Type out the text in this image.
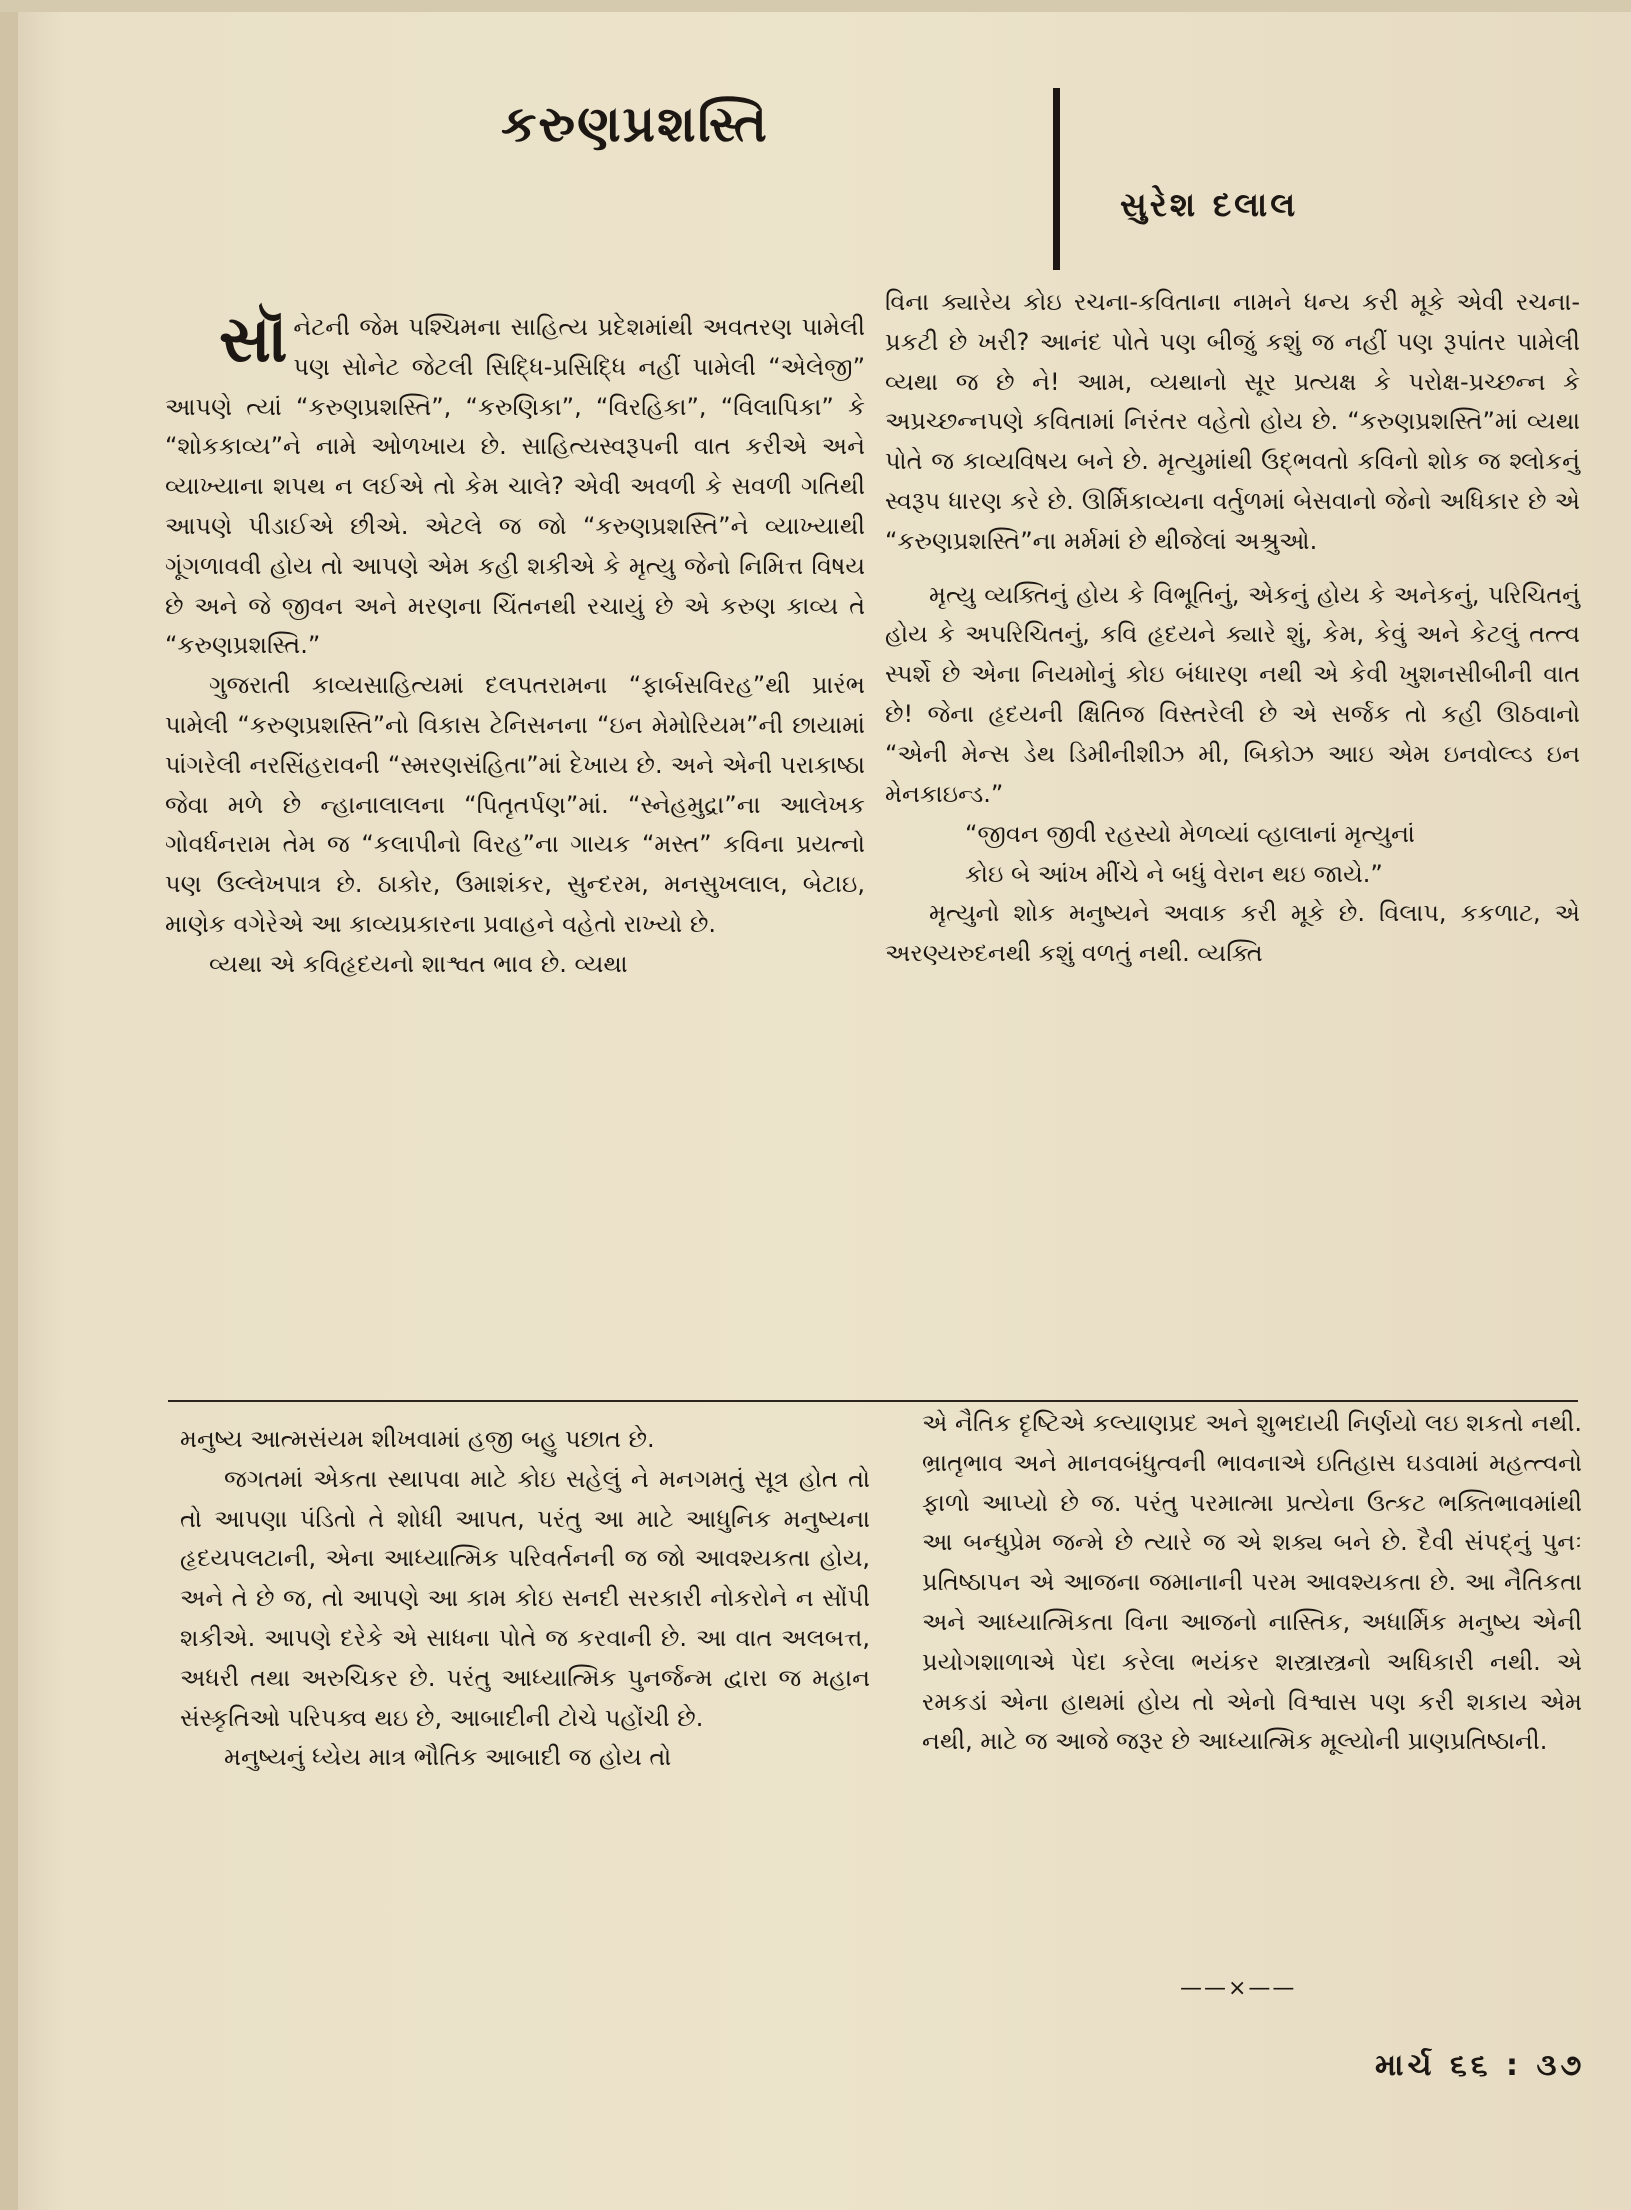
કરુણપ્રશસ્તિ
સુરેશ દલાલ
સૉ નેટની જેમ પશ્ચિમના સાહિત્ય પ્રદેશમાંથી અવતરણ પામેલી પણ સોનેટ જેટલી સિદ્ધિ-પ્રસિદ્ધિ નહીં પામેલી “એલેજી” આપણે ત્યાં “કરુણપ્રશસ્તિ”, “કરુણિકા”, “વિરહિકા”, “વિલાપિકા” કે “શોકકાવ્ય”ને નામે ઓળખાય છે. સાહિત્યસ્વરૂપની વાત કરીએ અને વ્યાખ્યાના શપથ ન લઈએ તો કેમ ચાલે? એવી અવળી કે સવળી ગતિથી આપણે પીડાઈએ છીએ. એટલે જ જો “કરુણપ્રશસ્તિ”ને વ્યાખ્યાથી ગૂંગળાવવી હોય તો આપણે એમ કહી શકીએ કે મૃત્યુ જેનો નિમિત્ત વિષય છે અને જે જીવન અને મરણના ચિંતનથી રચાયું છે એ કરુણ કાવ્ય તે “કરુણપ્રશસ્તિ.”

ગુજરાતી કાવ્યસાહિત્યમાં દલપતરામના “ફાર્બસવિરહ”થી પ્રારંભ પામેલી “કરુણપ્રશસ્તિ”નો વિકાસ ટેનિસનના “ઇન મેમોરિયમ”ની છાયામાં પાંગરેલી નરસિંહરાવની “સ્મરણસંહિતા”માં દેખાય છે. અને એની પરાકાષ્ઠા જેવા મળે છે ન્હાનાલાલના “પિતૃતર્પણ”માં. “સ્નેહમુદ્રા”ના આલેખક ગોવર્ધનરામ તેમ જ “કલાપીનો વિરહ”ના ગાયક “મસ્ત” કવિના પ્રયત્નો પણ ઉલ્લેખપાત્ર છે. ઠાકોર, ઉમાશંકર, સુન્દરમ, મનસુખલાલ, બેટાઇ, માણેક વગેરેએ આ કાવ્યપ્રકારના પ્રવાહને વહેતો રાખ્યો છે.

વ્યથા એ કવિહૃદયનો શાશ્વત ભાવ છે. વ્યથા

વિના ક્યારેય કોઇ રચના-કવિતાના નામને ધન્ય કરી મૂકે એવી રચના-પ્રકટી છે ખરી? આનંદ પોતે પણ બીજું કશું જ નહીં પણ રૂપાંતર પામેલી વ્યથા જ છે ને! આમ, વ્યથાનો સૂર પ્રત્યક્ષ કે પરોક્ષ-પ્રચ્છન્ન કે અપ્રચ્છન્નપણે કવિતામાં નિરંતર વહેતો હોય છે. “કરુણપ્રશસ્તિ”માં વ્યથા પોતે જ કાવ્યવિષય બને છે. મૃત્યુમાંથી ઉદ્ભવતો કવિનો શોક જ શ્લોકનું સ્વરૂપ ધારણ કરે છે. ઊર્મિકાવ્યના વર્તુળમાં બેસવાનો જેનો અધિકાર છે એ “કરુણપ્રશસ્તિ”ના મર્મમાં છે થીજેલાં અશ્રુઓ.

મૃત્યુ વ્યક્તિનું હોય કે વિભૂતિનું, એકનું હોય કે અનેકનું, પરિચિતનું હોય કે અપરિચિતનું, કવિ હૃદયને ક્યારે શું, કેમ, કેવું અને કેટલું તત્ત્વ સ્પર્શે છે એના નિયમોનું કોઇ બંધારણ નથી એ કેવી ખુશનસીબીની વાત છે! જેના હૃદયની ક્ષિતિજ વિસ્તરેલી છે એ સર્જક તો કહી ઊઠવાનો “એની મેન્સ ડેથ ડિમીનીશીઝ મી, બિકોઝ આઇ એમ ઇનવોલ્વ્ડ ઇન મેનકાઇન્ડ.”

“જીવન જીવી રહસ્યો મેળવ્યાં વ્હાલાનાં મૃત્યુનાં

કોઇ બે આંખ મીંચે ને બધું વેરાન થઇ જાયે.”

મૃત્યુનો શોક મનુષ્યને અવાક કરી મૂકે છે. વિલાપ, કકળાટ, એ અરણ્યરુદનથી કશું વળતું નથી. વ્યક્તિ

મનુષ્ય આત્મસંયમ શીખવામાં હજી બહુ પછાત છે.

જગતમાં એકતા સ્થાપવા માટે કોઇ સહેલું ને મનગમતું સૂત્ર હોત તો તો આપણા પંડિતો તે શોધી આપત, પરંતુ આ માટે આધુનિક મનુષ્યના હૃદયપલટાની, એના આધ્યાત્મિક પરિવર્તનની જ જો આવશ્યકતા હોય, અને તે છે જ, તો આપણે આ કામ કોઇ સનદી સરકારી નોકરોને ન સોંપી શકીએ. આપણે દરેકે એ સાધના પોતે જ કરવાની છે. આ વાત અલબત્ત, અધરી તથા અરુચિકર છે. પરંતુ આધ્યાત્મિક પુનર્જન્મ દ્વારા જ મહાન સંસ્કૃતિઓ પરિપક્વ થઇ છે, આબાદીની ટોચે પહોંચી છે.

મનુષ્યનું ધ્યેય માત્ર ભૌતિક આબાદી જ હોય તો

એ નૈતિક દૃષ્ટિએ કલ્યાણપ્રદ અને શુભદાયી નિર્ણયો લઇ શકતો નથી. ભ્રાતૃભાવ અને માનવબંધુત્વની ભાવનાએ ઇતિહાસ ઘડવામાં મહત્ત્વનો ફાળો આપ્યો છે જ. પરંતુ પરમાત્મા પ્રત્યેના ઉત્કટ ભક્તિભાવમાંથી આ બન્ધુપ્રેમ જન્મે છે ત્યારે જ એ શક્ય બને છે. દૈવી સંપદ્નું પુનઃ પ્રતિષ્ઠાપન એ આજના જમાનાની પરમ આવશ્યકતા છે. આ નૈતિકતા અને આધ્યાત્મિકતા વિના આજનો નાસ્તિક, અધાર્મિક મનુષ્ય એની પ્રયોગશાળાએ પેદા કરેલા ભયંકર શસ્ત્રાસ્ત્રનો અધિકારી નથી. એ રમકડાં એના હાથમાં હોય તો એનો વિશ્વાસ પણ કરી શકાય એમ નથી, માટે જ આજે જરૂર છે આધ્યાત્મિક મૂલ્યોની પ્રાણપ્રતિષ્ઠાની.

——×——
માર્ચ ૬૬ : ૩૭
